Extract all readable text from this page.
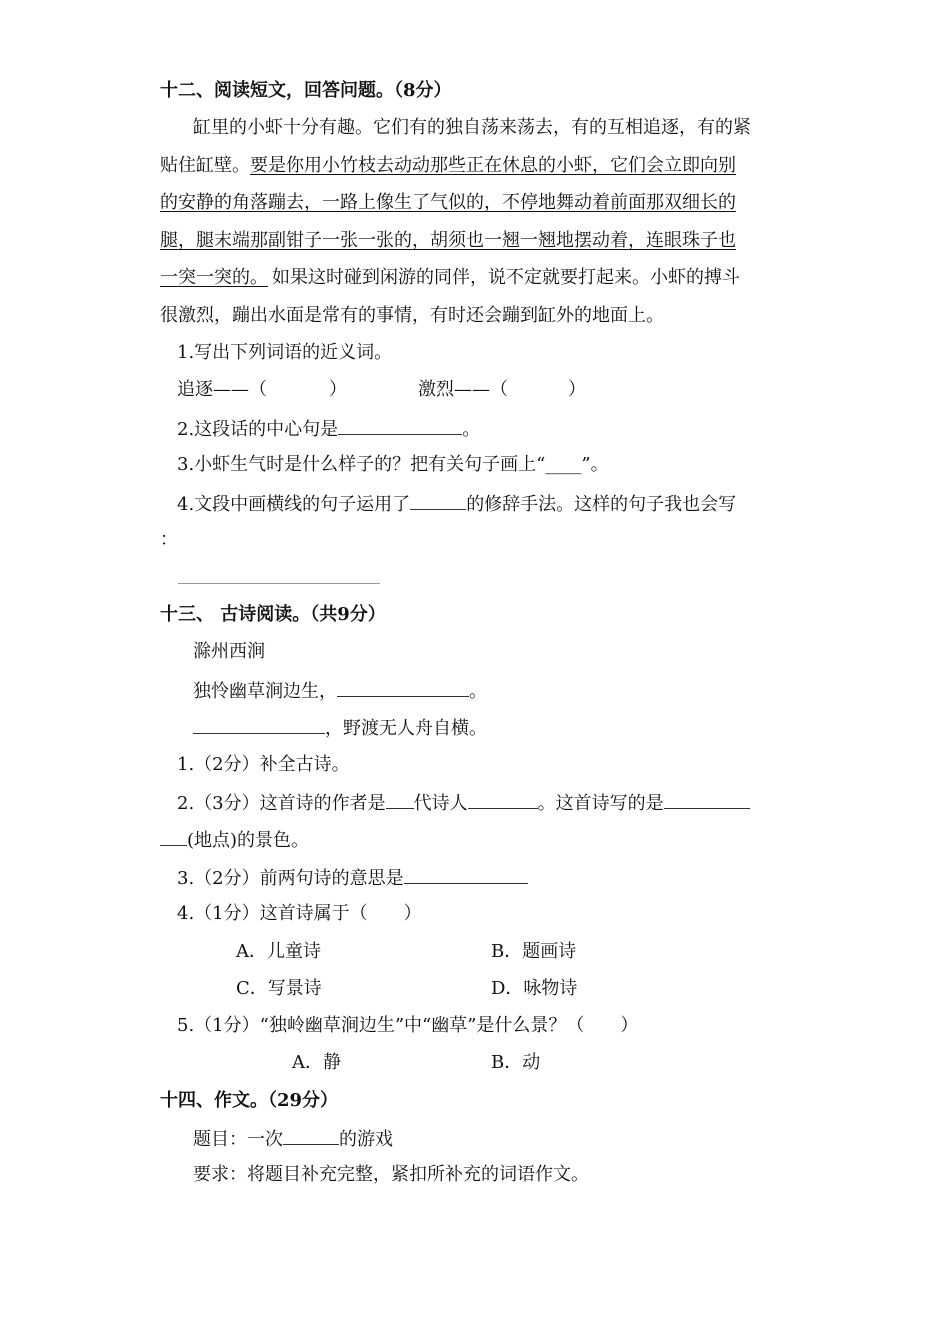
十二、阅读短文，回答问题。（8分）
缸里的小虾十分有趣。它们有的独自荡来荡去，有的互相追逐，有的紧
贴住缸壁。要是你用小竹枝去动动那些正在休息的小虾，它们会立即向别
的安静的角落蹦去，一路上像生了气似的，不停地舞动着前面那双细长的
腿，腿末端那副钳子一张一张的，胡须也一翘一翘地摆动着，连眼珠子也
一突一突的。 如果这时碰到闲游的同伴，说不定就要打起来。小虾的搏斗
很激烈，蹦出水面是常有的事情，有时还会蹦到缸外的地面上。
1.写出下列词语的近义词。
追逐——（	）	激烈——（	）
2.这段话的中心句是	。
3.小虾生气时是什么样子的？把有关句子画上“____”。
4.文段中画横线的句子运用了	的修辞手法。这样的句子我也会写
：
十三、 古诗阅读。（共9分）
滁州西涧
独怜幽草涧边生，	。
，野渡无人舟自横。
1.（2分）补全古诗。
2.（3分）这首诗的作者是 代诗人	。这首诗写的是
(地点)的景色。
3.（2分）前两句诗的意思是
4.（1分）这首诗属于（　　）
A．儿童诗	B．题画诗
C．写景诗	D．咏物诗
5.（1分）“独岭幽草涧边生”中“幽草”是什么景？（　　）
A．静	B．动
十四、作文。（29分）
题目：一次	的游戏
要求：将题目补充完整，紧扣所补充的词语作文。
